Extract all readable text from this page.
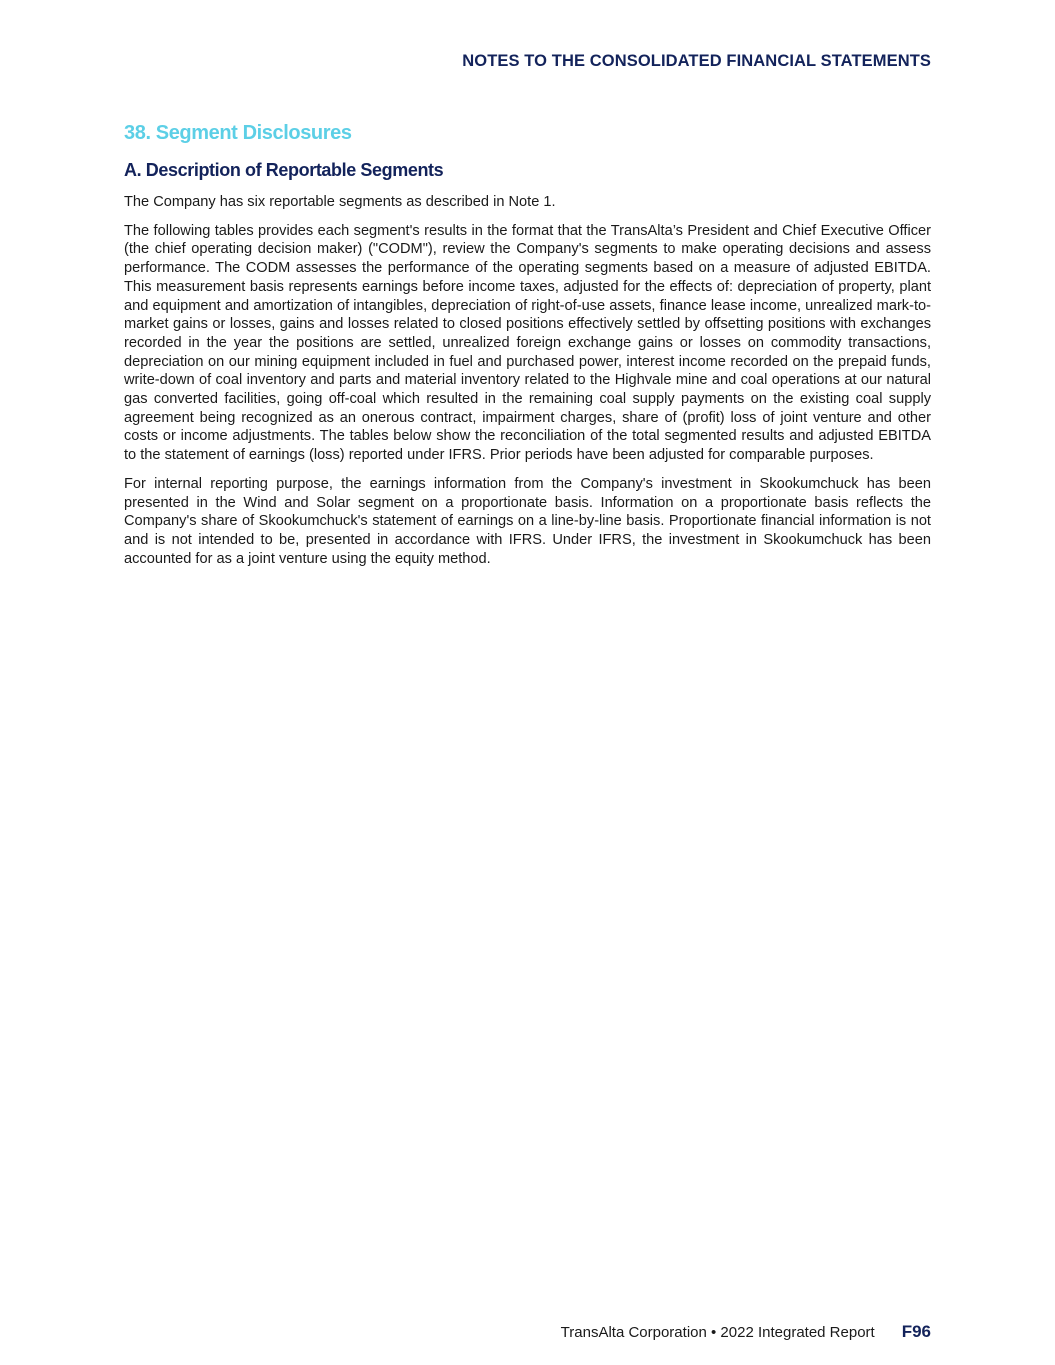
NOTES TO THE CONSOLIDATED FINANCIAL STATEMENTS
38. Segment Disclosures
A. Description of Reportable Segments

The Company has six reportable segments as described in Note 1.

The following tables provides each segment's results in the format that the TransAlta’s President and Chief Executive Officer (the chief operating decision maker) ("CODM"), review the Company's segments to make operating decisions and assess performance. The CODM assesses the performance of the operating segments based on a measure of adjusted EBITDA. This measurement basis represents earnings before income taxes, adjusted for the effects of: depreciation of property, plant and equipment and amortization of intangibles, depreciation of right-of-use assets, finance lease income, unrealized mark-to-market gains or losses, gains and losses related to closed positions effectively settled by offsetting positions with exchanges recorded in the year the positions are settled, unrealized foreign exchange gains or losses on commodity transactions, depreciation on our mining equipment included in fuel and purchased power, interest income recorded on the prepaid funds, write-down of coal inventory and parts and material inventory related to the Highvale mine and coal operations at our natural gas converted facilities, going off-coal which resulted in the remaining coal supply payments on the existing coal supply agreement being recognized as an onerous contract, impairment charges, share of (profit) loss of joint venture and other costs or income adjustments. The tables below show the reconciliation of the total segmented results and adjusted EBITDA to the statement of earnings (loss) reported under IFRS. Prior periods have been adjusted for comparable purposes.

For internal reporting purpose, the earnings information from the Company's investment in Skookumchuck has been presented in the Wind and Solar segment on a proportionate basis. Information on a proportionate basis reflects the Company's share of Skookumchuck's statement of earnings on a line-by-line basis. Proportionate financial information is not and is not intended to be, presented in accordance with IFRS. Under IFRS, the investment in Skookumchuck has been accounted for as a joint venture using the equity method.

TransAlta Corporation • 2022 Integrated Report F96
